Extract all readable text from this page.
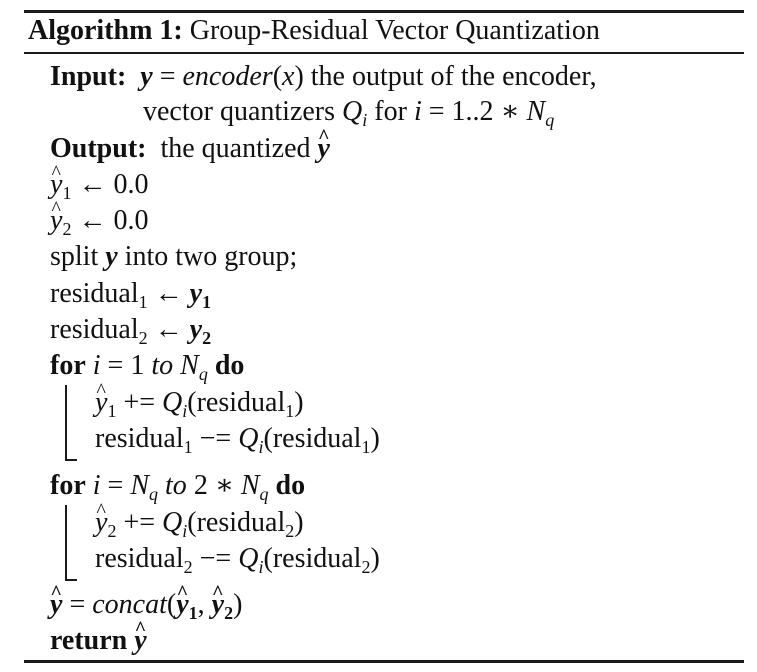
Algorithm 1: Group-Residual Vector Quantization
Input: y = encoder(x) the output of the encoder,
vector quantizers $Q_i$ for i = 1..2 ∗ $N_q$
Output: the quantized y ^
y $\^{}_1$ ← 0.0
y $\^{}_2$ ← 0.0
split y into two group;
residual$_1$ ← $y_1$
residual$_2$ ← $y_2$
for i = 1 to $N_q$ do
y $\^{}_1$ += $Q_i(residual_1)$
residual$_1$ −= $Q_i(residual_1)$
for $i = N_q$ to 2 ∗ $N_q$ do
y $\^{}_2$ += $Q_i(residual_2)$
residual$_2$ −= $Q_i(residual_2)$
y ^ = concat(y $\^{}_1$, y $\^{}_2$)
return y ^
